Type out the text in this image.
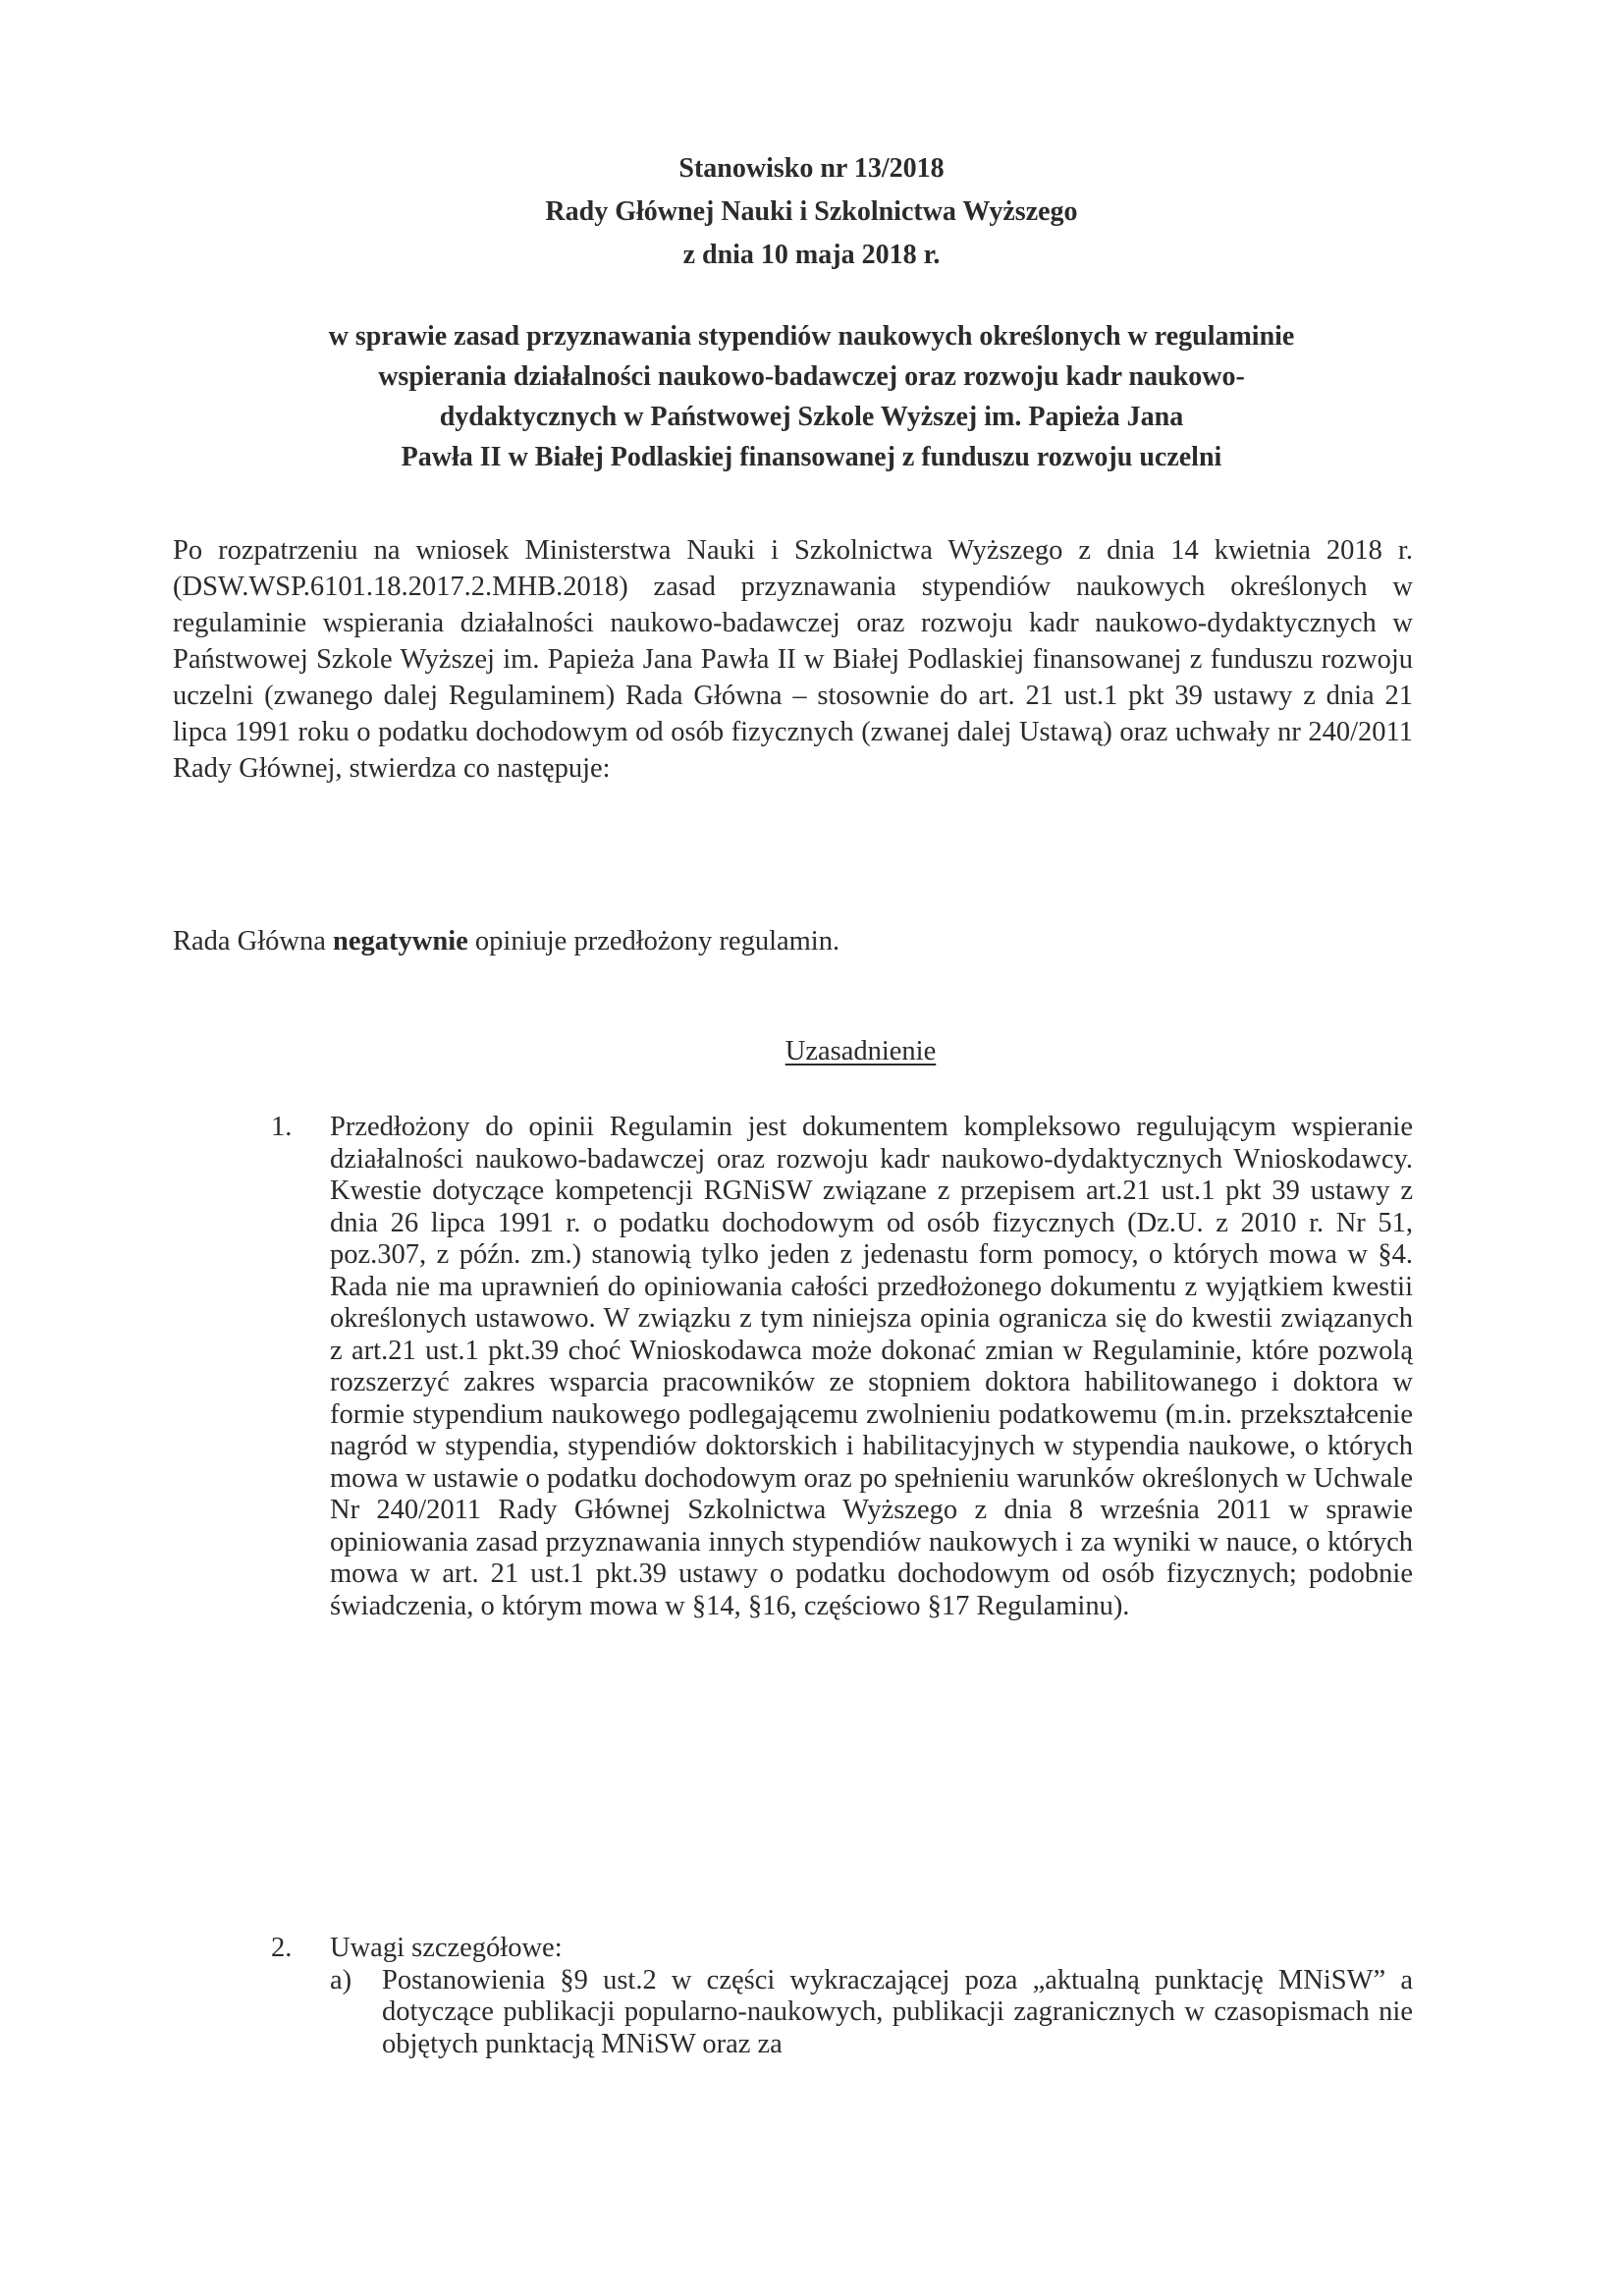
Stanowisko nr 13/2018
Rady Głównej Nauki i Szkolnictwa Wyższego
z dnia 10 maja 2018 r.
w sprawie zasad przyznawania stypendiów naukowych określonych w regulaminie
wspierania działalności naukowo-badawczej oraz rozwoju kadr naukowo-
dydaktycznych w Państwowej Szkole Wyższej im. Papieża Jana
Pawła II w Białej Podlaskiej finansowanej z funduszu rozwoju uczelni

Po rozpatrzeniu na wniosek Ministerstwa Nauki i Szkolnictwa Wyższego z dnia 14 kwietnia 2018 r. (DSW.WSP.6101.18.2017.2.MHB.2018) zasad przyznawania stypendiów naukowych określonych w regulaminie wspierania działalności naukowo-badawczej oraz rozwoju kadr naukowo-dydaktycznych w Państwowej Szkole Wyższej im. Papieża Jana Pawła II w Białej Podlaskiej finansowanej z funduszu rozwoju uczelni (zwanego dalej Regulaminem) Rada Główna – stosownie do art. 21 ust.1 pkt 39 ustawy z dnia 21 lipca 1991 roku o podatku dochodowym od osób fizycznych (zwanej dalej Ustawą) oraz uchwały nr 240/2011 Rady Głównej, stwierdza co następuje:

Rada Główna negatywnie opiniuje przedłożony regulamin.

Uzasadnienie
1. Przedłożony do opinii Regulamin jest dokumentem kompleksowo regulującym wspieranie działalności naukowo-badawczej oraz rozwoju kadr naukowo-dydaktycznych Wnioskodawcy. Kwestie dotyczące kompetencji RGNiSW związane z przepisem art.21 ust.1 pkt 39 ustawy z dnia 26 lipca 1991 r. o podatku dochodowym od osób fizycznych (Dz.U. z 2010 r. Nr 51, poz.307, z późn. zm.) stanowią tylko jeden z jedenastu form pomocy, o których mowa w §4. Rada nie ma uprawnień do opiniowania całości przedłożonego dokumentu z wyjątkiem kwestii określonych ustawowo. W związku z tym niniejsza opinia ogranicza się do kwestii związanych z art.21 ust.1 pkt.39 choć Wnioskodawca może dokonać zmian w Regulaminie, które pozwolą rozszerzyć zakres wsparcia pracowników ze stopniem doktora habilitowanego i doktora w formie stypendium naukowego podlegającemu zwolnieniu podatkowemu (m.in. przekształcenie nagród w stypendia, stypendiów doktorskich i habilitacyjnych w stypendia naukowe, o których mowa w ustawie o podatku dochodowym oraz po spełnieniu warunków określonych w Uchwale Nr 240/2011 Rady Głównej Szkolnictwa Wyższego z dnia 8 września 2011 w sprawie opiniowania zasad przyznawania innych stypendiów naukowych i za wyniki w nauce, o których mowa w art. 21 ust.1 pkt.39 ustawy o podatku dochodowym od osób fizycznych; podobnie świadczenia, o którym mowa w §14, §16, częściowo §17 Regulaminu).
2. Uwagi szczegółowe:
a) Postanowienia §9 ust.2 w części wykraczającej poza „aktualną punktację MNiSW” a dotyczące publikacji popularno-naukowych, publikacji zagranicznych w czasopismach nie objętych punktacją MNiSW oraz za
